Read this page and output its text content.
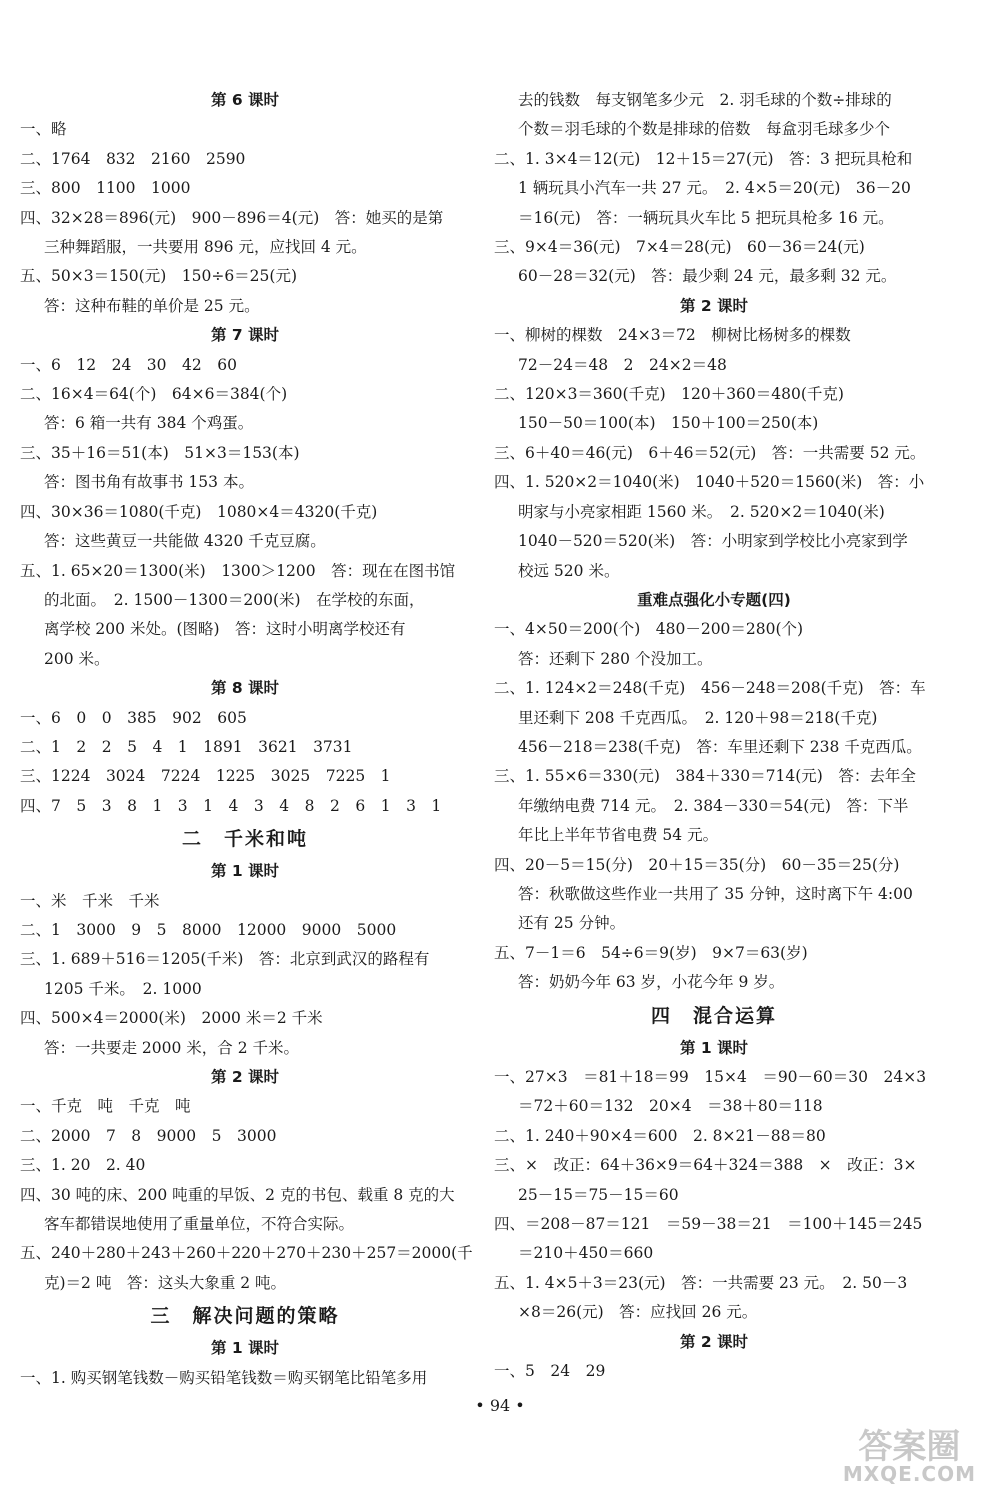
第 6 课时
一、略
二、1764　832　2160　2590
三、800　1100　1000
四、32×28＝896(元)　900－896＝4(元)　答：她买的是第
三种舞蹈服，一共要用 896 元，应找回 4 元。
五、50×3＝150(元)　150÷6＝25(元)
答：这种布鞋的单价是 25 元。
第 7 课时
一、6　12　24　30　42　60
二、16×4＝64(个)　64×6＝384(个)
答：6 箱一共有 384 个鸡蛋。
三、35＋16＝51(本)　51×3＝153(本)
答：图书角有故事书 153 本。
四、30×36＝1080(千克)　1080×4＝4320(千克)
答：这些黄豆一共能做 4320 千克豆腐。
五、1. 65×20＝1300(米)　1300＞1200　答：现在在图书馆
的北面。　2. 1500－1300＝200(米)　在学校的东面，
离学校 200 米处。(图略)　答：这时小明离学校还有
200 米。
第 8 课时
一、6　0　0　385　902　605
二、1　2　2　5　4　1　1891　3621　3731
三、1224　3024　7224　1225　3025　7225　1
四、7　5　3　8　1　3　1　4　3　4　8　2　6　1　3　1
二　千米和吨
第 1 课时
一、米　千米　千米
二、1　3000　9　5　8000　12000　9000　5000
三、1. 689＋516＝1205(千米)　答：北京到武汉的路程有
1205 千米。　2. 1000
四、500×4＝2000(米)　2000 米＝2 千米
答：一共要走 2000 米，合 2 千米。
第 2 课时
一、千克　吨　千克　吨
二、2000　7　8　9000　5　3000
三、1. 20　2. 40
四、30 吨的床、200 吨重的早饭、2 克的书包、载重 8 克的大
客车都错误地使用了重量单位，不符合实际。
五、240＋280＋243＋260＋220＋270＋230＋257＝2000(千
克)＝2 吨　答：这头大象重 2 吨。
三　解决问题的策略
第 1 课时
一、1. 购买钢笔钱数－购买铅笔钱数＝购买钢笔比铅笔多用
去的钱数　每支钢笔多少元　2. 羽毛球的个数÷排球的
个数＝羽毛球的个数是排球的倍数　每盒羽毛球多少个
二、1. 3×4＝12(元)　12＋15＝27(元)　答：3 把玩具枪和
1 辆玩具小汽车一共 27 元。　2. 4×5＝20(元)　36－20
＝16(元)　答：一辆玩具火车比 5 把玩具枪多 16 元。
三、9×4＝36(元)　7×4＝28(元)　60－36＝24(元)
60－28＝32(元)　答：最少剩 24 元，最多剩 32 元。
第 2 课时
一、柳树的棵数　24×3＝72　柳树比杨树多的棵数
72－24＝48　2　24×2＝48
二、120×3＝360(千克)　120＋360＝480(千克)
150－50＝100(本)　150＋100＝250(本)
三、6＋40＝46(元)　6＋46＝52(元)　答：一共需要 52 元。
四、1. 520×2＝1040(米)　1040＋520＝1560(米)　答：小
明家与小亮家相距 1560 米。　2. 520×2＝1040(米)
1040－520＝520(米)　答：小明家到学校比小亮家到学
校远 520 米。
重难点强化小专题(四)
一、4×50＝200(个)　480－200＝280(个)
答：还剩下 280 个没加工。
二、1. 124×2＝248(千克)　456－248＝208(千克)　答：车
里还剩下 208 千克西瓜。　2. 120＋98＝218(千克)
456－218＝238(千克)　答：车里还剩下 238 千克西瓜。
三、1. 55×6＝330(元)　384＋330＝714(元)　答：去年全
年缴纳电费 714 元。　2. 384－330＝54(元)　答：下半
年比上半年节省电费 54 元。
四、20－5＝15(分)　20＋15＝35(分)　60－35＝25(分)
答：秋歌做这些作业一共用了 35 分钟，这时离下午 4:00
还有 25 分钟。
五、7－1＝6　54÷6＝9(岁)　9×7＝63(岁)
答：奶奶今年 63 岁，小花今年 9 岁。
四　混合运算
第 1 课时
一、27×3　＝81＋18＝99　15×4　＝90－60＝30　24×3
＝72＋60＝132　20×4　＝38＋80＝118
二、1. 240＋90×4＝600　2. 8×21－88＝80
三、×　改正：64＋36×9＝64＋324＝388　×　改正：3×
25－15＝75－15＝60
四、＝208－87＝121　＝59－38＝21　＝100＋145＝245
＝210＋450＝660
五、1. 4×5＋3＝23(元)　答：一共需要 23 元。　2. 50－3
×8＝26(元)　答：应找回 26 元。
第 2 课时
一、5　24　29
• 94 •
答案圈
MXQE.COM
